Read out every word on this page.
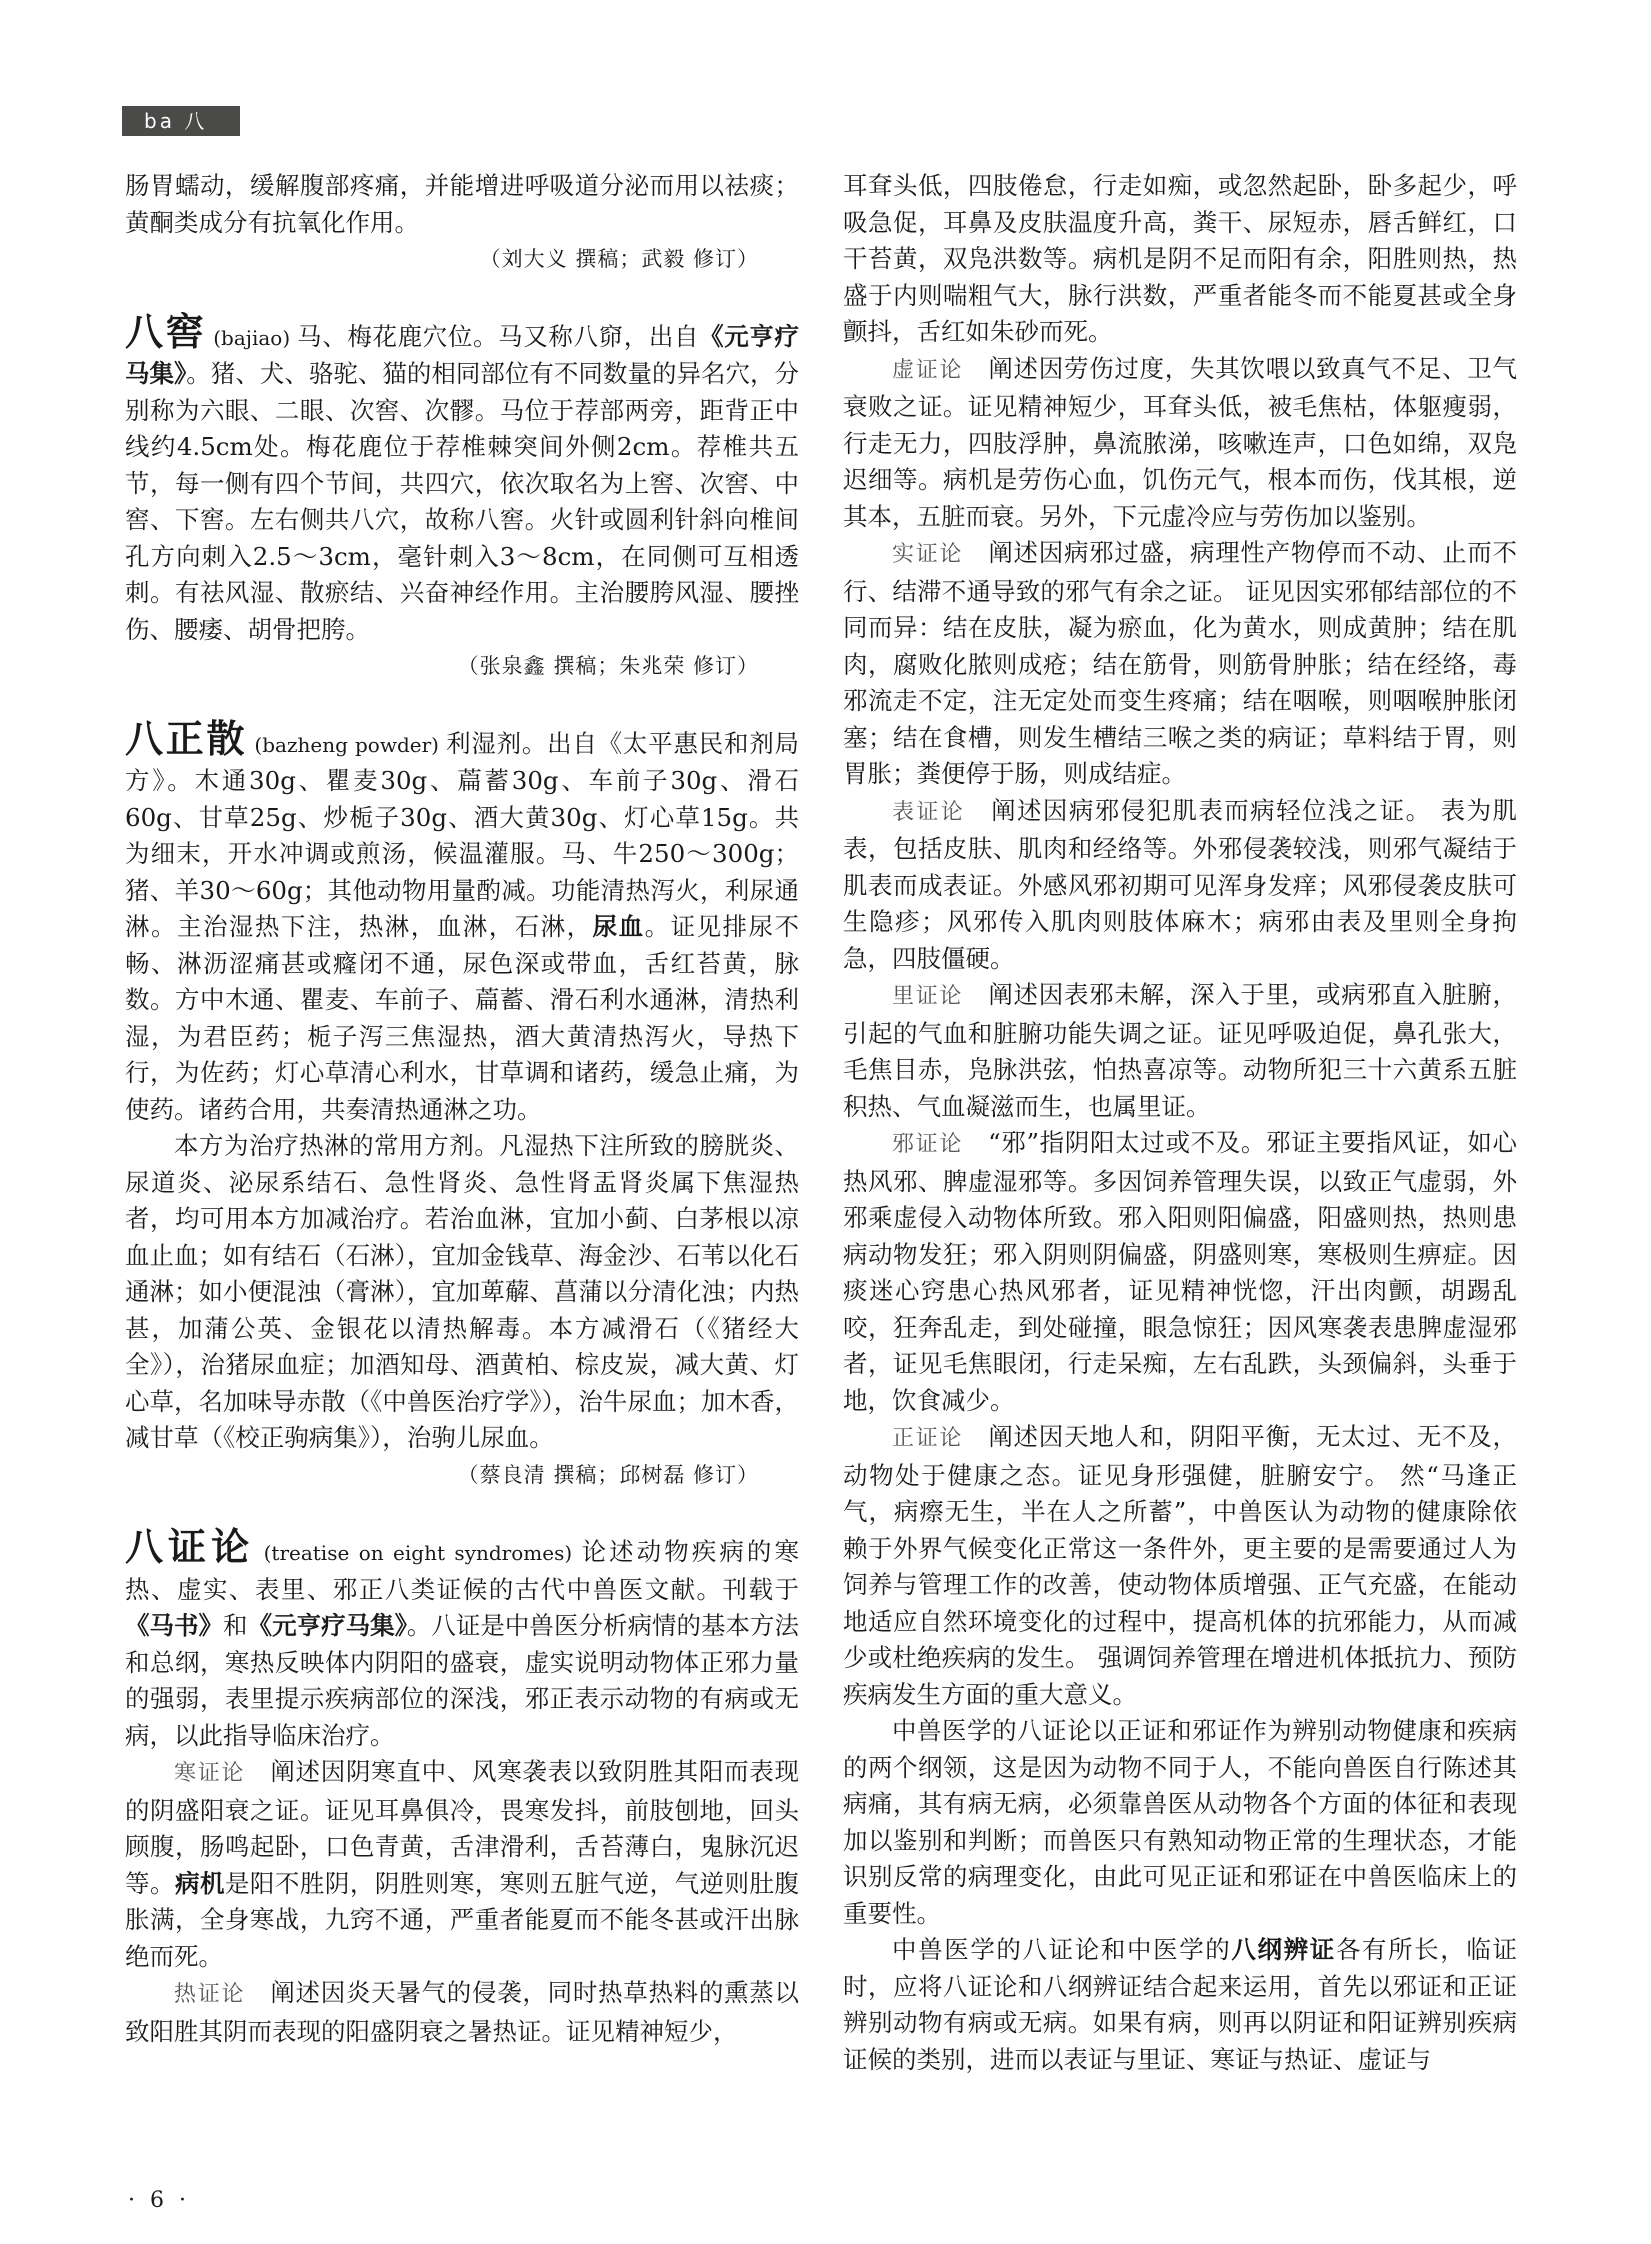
ba 八

肠胃蠕动，缓解腹部疼痛，并能增进呼吸道分泌而用以祛痰；黄酮类成分有抗氧化作用。

（刘大义 撰稿；武毅 修订）

八窖 (bajiao) 马、梅花鹿穴位。马又称八窌，出自《元亨疗马集》。猪、犬、骆驼、猫的相同部位有不同数量的异名穴，分别称为六眼、二眼、次窖、次髎。马位于荐部两旁，距背正中线约4.5cm处。梅花鹿位于荐椎棘突间外侧2cm。荐椎共五节，每一侧有四个节间，共四穴，依次取名为上窖、次窖、中窖、下窖。左右侧共八穴，故称八窖。火针或圆利针斜向椎间孔方向刺入2.5～3cm，毫针刺入3～8cm，在同侧可互相透刺。有祛风湿、散瘀结、兴奋神经作用。主治腰胯风湿、腰挫伤、腰痿、胡骨把胯。

（张泉鑫 撰稿；朱兆荣 修订）

八正散 (bazheng powder) 利湿剂。出自《太平惠民和剂局方》。木通30g、瞿麦30g、萹蓄30g、车前子30g、滑石60g、甘草25g、炒栀子30g、酒大黄30g、灯心草15g。共为细末，开水冲调或煎汤，候温灌服。马、牛250～300g；猪、羊30～60g；其他动物用量酌减。功能清热泻火，利尿通淋。主治湿热下注，热淋，血淋，石淋，尿血。证见排尿不畅、淋沥涩痛甚或癃闭不通，尿色深或带血，舌红苔黄，脉数。方中木通、瞿麦、车前子、萹蓄、滑石利水通淋，清热利湿，为君臣药；栀子泻三焦湿热，酒大黄清热泻火，导热下行，为佐药；灯心草清心利水，甘草调和诸药，缓急止痛，为使药。诸药合用，共奏清热通淋之功。

本方为治疗热淋的常用方剂。凡湿热下注所致的膀胱炎、尿道炎、泌尿系结石、急性肾炎、急性肾盂肾炎属下焦湿热者，均可用本方加减治疗。若治血淋，宜加小蓟、白茅根以凉血止血；如有结石（石淋），宜加金钱草、海金沙、石苇以化石通淋；如小便混浊（膏淋），宜加萆薢、菖蒲以分清化浊；内热甚，加蒲公英、金银花以清热解毒。本方减滑石（《猪经大全》），治猪尿血症；加酒知母、酒黄柏、棕皮炭，减大黄、灯心草，名加味导赤散（《中兽医治疗学》），治牛尿血；加木香，减甘草（《校正驹病集》），治驹儿尿血。

（蔡良清 撰稿；邱树磊 修订）

八证论 (treatise on eight syndromes) 论述动物疾病的寒热、虚实、表里、邪正八类证候的古代中兽医文献。刊载于《马书》和《元亨疗马集》。八证是中兽医分析病情的基本方法和总纲，寒热反映体内阴阳的盛衰，虚实说明动物体正邪力量的强弱，表里提示疾病部位的深浅，邪正表示动物的有病或无病，以此指导临床治疗。

寒证论　 阐述因阴寒直中、风寒袭表以致阴胜其阳而表现的阴盛阳衰之证。证见耳鼻俱冷，畏寒发抖，前肢刨地，回头顾腹，肠鸣起卧，口色青黄，舌津滑利，舌苔薄白，鬼脉沉迟等。病机是阳不胜阴，阴胜则寒，寒则五脏气逆，气逆则肚腹胀满，全身寒战，九窍不通，严重者能夏而不能冬甚或汗出脉绝而死。

热证论　 阐述因炎天暑气的侵袭，同时热草热料的熏蒸以致阳胜其阴而表现的阳盛阴衰之暑热证。证见精神短少，

耳耷头低，四肢倦怠，行走如痴，或忽然起卧，卧多起少，呼吸急促，耳鼻及皮肤温度升高，粪干、尿短赤，唇舌鲜红，口干苔黄，双凫洪数等。病机是阴不足而阳有余，阳胜则热，热盛于内则喘粗气大，脉行洪数，严重者能冬而不能夏甚或全身颤抖，舌红如朱砂而死。

虚证论　 阐述因劳伤过度，失其饮喂以致真气不足、卫气衰败之证。证见精神短少，耳耷头低，被毛焦枯，体躯瘦弱，行走无力，四肢浮肿，鼻流脓涕，咳嗽连声，口色如绵，双凫迟细等。病机是劳伤心血，饥伤元气，根本而伤，伐其根，逆其本，五脏而衰。另外，下元虚冷应与劳伤加以鉴别。

实证论　 阐述因病邪过盛，病理性产物停而不动、止而不行、结滞不通导致的邪气有余之证。 证见因实邪郁结部位的不同而异：结在皮肤，凝为瘀血，化为黄水，则成黄肿；结在肌肉，腐败化脓则成疮；结在筋骨，则筋骨肿胀；结在经络，毒邪流走不定，注无定处而变生疼痛；结在咽喉，则咽喉肿胀闭塞；结在食槽，则发生槽结三喉之类的病证；草料结于胃，则胃胀；粪便停于肠，则成结症。

表证论　 阐述因病邪侵犯肌表而病轻位浅之证。 表为肌表，包括皮肤、肌肉和经络等。外邪侵袭较浅，则邪气凝结于肌表而成表证。外感风邪初期可见浑身发痒；风邪侵袭皮肤可生隐疹；风邪传入肌肉则肢体麻木；病邪由表及里则全身拘急，四肢僵硬。

里证论　 阐述因表邪未解，深入于里，或病邪直入脏腑，引起的气血和脏腑功能失调之证。证见呼吸迫促，鼻孔张大，毛焦目赤，凫脉洪弦，怕热喜凉等。动物所犯三十六黄系五脏积热、气血凝滋而生，也属里证。

邪证论　 “邪”指阴阳太过或不及。邪证主要指风证，如心热风邪、脾虚湿邪等。多因饲养管理失误，以致正气虚弱，外邪乘虚侵入动物体所致。邪入阳则阳偏盛，阳盛则热，热则患病动物发狂；邪入阴则阴偏盛，阴盛则寒，寒极则生痹症。因痰迷心窍患心热风邪者，证见精神恍惚，汗出肉颤，胡踢乱咬，狂奔乱走，到处碰撞，眼急惊狂；因风寒袭表患脾虚湿邪者，证见毛焦眼闭，行走呆痴，左右乱跌，头颈偏斜，头垂于地，饮食减少。

正证论　 阐述因天地人和，阴阳平衡，无太过、无不及，动物处于健康之态。证见身形强健，脏腑安宁。 然“马逢正气，病瘵无生，半在人之所蓄”，中兽医认为动物的健康除依赖于外界气候变化正常这一条件外，更主要的是需要通过人为饲养与管理工作的改善，使动物体质增强、正气充盛，在能动地适应自然环境变化的过程中，提高机体的抗邪能力，从而减少或杜绝疾病的发生。 强调饲养管理在增进机体抵抗力、预防疾病发生方面的重大意义。

中兽医学的八证论以正证和邪证作为辨别动物健康和疾病的两个纲领，这是因为动物不同于人，不能向兽医自行陈述其病痛，其有病无病，必须靠兽医从动物各个方面的体征和表现加以鉴别和判断；而兽医只有熟知动物正常的生理状态，才能识别反常的病理变化，由此可见正证和邪证在中兽医临床上的重要性。

中兽医学的八证论和中医学的八纲辨证各有所长，临证时，应将八证论和八纲辨证结合起来运用，首先以邪证和正证辨别动物有病或无病。如果有病，则再以阴证和阳证辨别疾病证候的类别，进而以表证与里证、寒证与热证、虚证与

· 6 ·
